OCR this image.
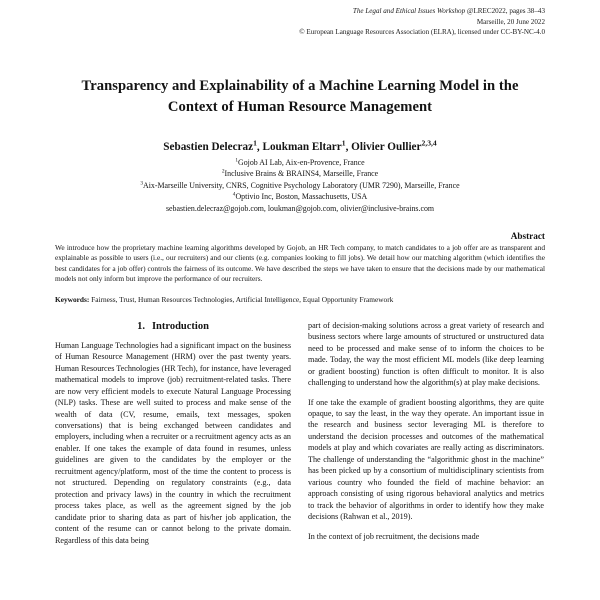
The Legal and Ethical Issues Workshop @LREC2022, pages 38–43
Marseille, 20 June 2022
© European Language Resources Association (ELRA), licensed under CC-BY-NC-4.0
Transparency and Explainability of a Machine Learning Model in the
Context of Human Resource Management
Sebastien Delecraz$^1$, Loukman Eltarr$^1$, Olivier Oullier$^{2,3,4}$
$^1$Gojob AI Lab, Aix-en-Provence, France
$^2$Inclusive Brains & BRAINS4, Marseille, France
$^3$Aix-Marseille University, CNRS, Cognitive Psychology Laboratory (UMR 7290), Marseille, France
$^4$Optivio Inc, Boston, Massachusetts, USA
sebastien.delecraz@gojob.com, loukman@gojob.com, olivier@inclusive-brains.com
Abstract

We introduce how the proprietary machine learning algorithms developed by Gojob, an HR Tech company, to match candidates to a job offer are as transparent and explainable as possible to users (i.e., our recruiters) and our clients (e.g. companies looking to fill jobs). We detail how our matching algorithm (which identifies the best candidates for a job offer) controls the fairness of its outcome. We have described the steps we have taken to ensure that the decisions made by our mathematical models not only inform but improve the performance of our recruiters.

Keywords: Fairness, Trust, Human Resources Technologies, Artificial Intelligence, Equal Opportunity Framework

1. Introduction

Human Language Technologies had a significant impact on the business of Human Resource Management (HRM) over the past twenty years. Human Resources Technologies (HR Tech), for instance, have leveraged mathematical models to improve (job) recruitment-related tasks. There are now very efficient models to execute Natural Language Processing (NLP) tasks. These are well suited to process and make sense of the wealth of data (CV, resume, emails, text messages, spoken conversations) that is being exchanged between candidates and employers, including when a recruiter or a recruitment agency acts as an enabler. If one takes the example of data found in resumes, unless guidelines are given to the candidates by the employer or the recruitment agency/platform, most of the time the content to process is not structured. Depending on regulatory constraints (e.g., data protection and privacy laws) in the country in which the recruitment process takes place, as well as the agreement signed by the job candidate prior to sharing data as part of his/her job application, the content of the resume can or cannot belong to the private domain. Regardless of this data being

part of decision-making solutions across a great variety of research and business sectors where large amounts of structured or unstructured data need to be processed and make sense of to inform the choices to be made. Today, the way the most efficient ML models (like deep learning or gradient boosting) function is often difficult to monitor. It is also challenging to understand how the algorithm(s) at play make decisions.

If one take the example of gradient boosting algorithms, they are quite opaque, to say the least, in the way they operate. An important issue in the research and business sector leveraging ML is therefore to understand the decision processes and outcomes of the mathematical models at play and which covariates are really acting as discriminators. The challenge of understanding the “algorithmic ghost in the machine” has been picked up by a consortium of multidisciplinary scientists from various country who founded the field of machine behavior: an approach consisting of using rigorous behavioral analytics and metrics to track the behavior of algorithms in order to identify how they make decisions (Rahwan et al., 2019).

In the context of job recruitment, the decisions made
